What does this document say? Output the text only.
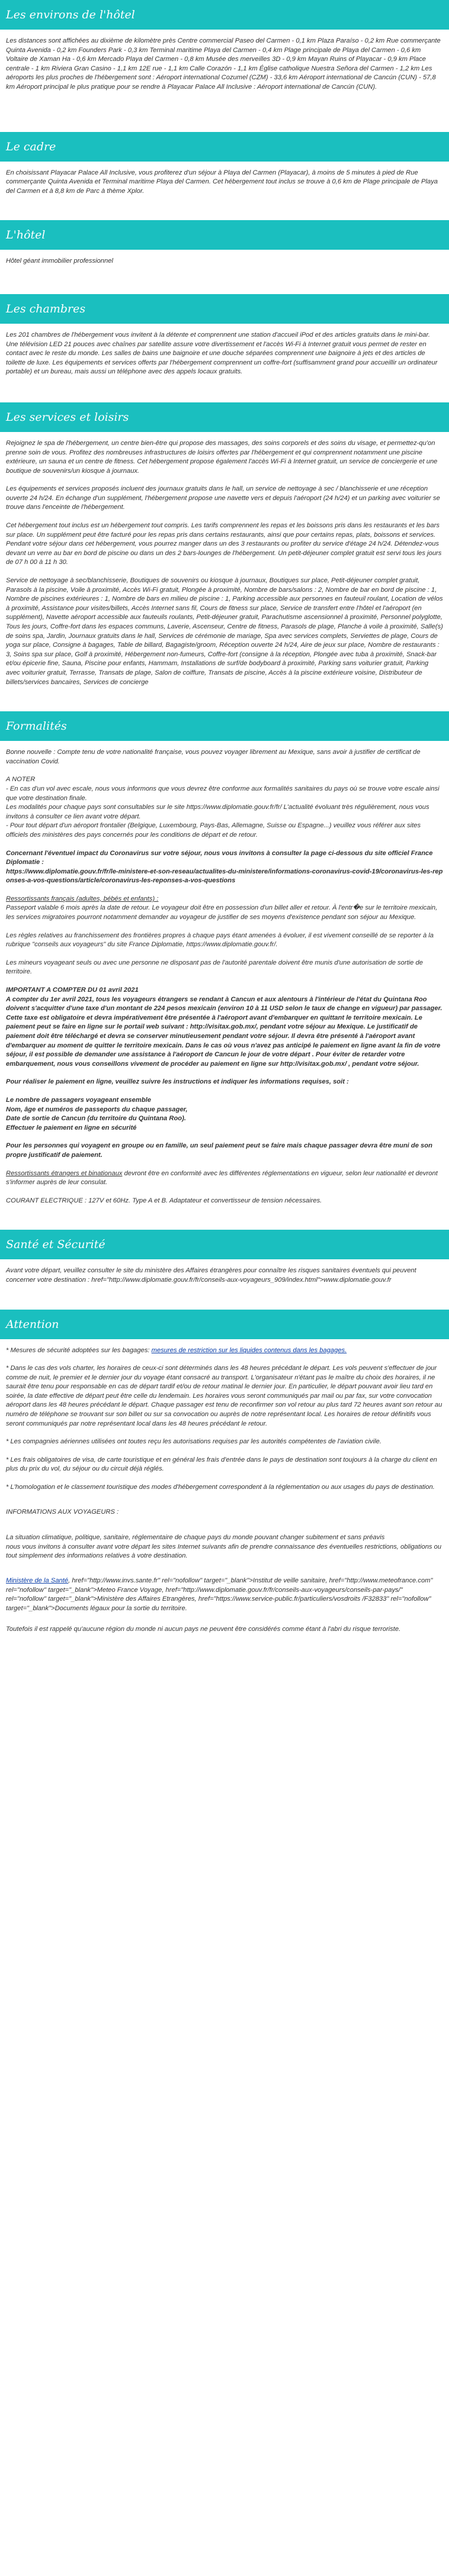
Les environs de l'hôtel

Les distances sont affichées au dixième de kilomètre près Centre commercial Paseo del Carmen - 0,1 km Plaza Paraíso - 0,2 km Rue commerçante Quinta Avenida - 0,2 km Founders Park - 0,3 km Terminal maritime Playa del Carmen - 0,4 km Plage principale de Playa del Carmen - 0,6 km Voltaire de Xaman Ha - 0,6 km Mercado Playa del Carmen - 0,8 km Musée des merveilles 3D - 0,9 km Mayan Ruins of Playacar - 0,9 km Place centrale - 1 km Riviera Gran Casino - 1,1 km 12E rue - 1,1 km Calle Corazón - 1,1 km Église catholique Nuestra Señora del Carmen - 1,2 km Les aéroports les plus proches de l'hébergement sont : Aéroport international Cozumel (CZM) - 33,6 km Aéroport international de Cancún (CUN) - 57,8 km Aéroport principal le plus pratique pour se rendre à Playacar Palace All Inclusive : Aéroport international de Cancún (CUN).

Le cadre

En choisissant Playacar Palace All Inclusive, vous profiterez d'un séjour à Playa del Carmen (Playacar), à moins de 5 minutes à pied de Rue commerçante Quinta Avenida et Terminal maritime Playa del Carmen. Cet hébergement tout inclus se trouve à 0,6 km de Plage principale de Playa del Carmen et à 8,8 km de Parc à thème Xplor.

L'hôtel

Hôtel géant immobilier professionnel

Les chambres

Les 201 chambres de l'hébergement vous invitent à la détente et comprennent une station d'accueil iPod et des articles gratuits dans le mini-bar. Une télévision LED 21 pouces avec chaînes par satellite assure votre divertissement et l'accès Wi-Fi à Internet gratuit vous permet de rester en contact avec le reste du monde. Les salles de bains une baignoire et une douche séparées comprennent une baignoire à jets et des articles de toilette de luxe. Les équipements et services offerts par l'hébergement comprennent un coffre-fort (suffisamment grand pour accueillir un ordinateur portable) et un bureau, mais aussi un téléphone avec des appels locaux gratuits.

Les services et loisirs

Rejoignez le spa de l'hébergement, un centre bien-être qui propose des massages, des soins corporels et des soins du visage, et permettez-qu'on prenne soin de vous. Profitez des nombreuses infrastructures de loisirs offertes par l'hébergement et qui comprennent notamment une piscine extérieure, un sauna et un centre de fitness. Cet hébergement propose également l'accès Wi-Fi à Internet gratuit, un service de conciergerie et une boutique de souvenirs/un kiosque à journaux.

Les équipements et services proposés incluent des journaux gratuits dans le hall, un service de nettoyage à sec / blanchisserie et une réception ouverte 24 h/24. En échange d'un supplément, l'hébergement propose une navette vers et depuis l'aéroport (24 h/24) et un parking avec voiturier se trouve dans l'enceinte de l'hébergement.

Cet hébergement tout inclus est un hébergement tout compris. Les tarifs comprennent les repas et les boissons pris dans les restaurants et les bars sur place. Un supplément peut être facturé pour les repas pris dans certains restaurants, ainsi que pour certains repas, plats, boissons et services. Pendant votre séjour dans cet hébergement, vous pourrez manger dans un des 3 restaurants ou profiter du service d'étage 24 h/24. Détendez-vous devant un verre au bar en bord de piscine ou dans un des 2 bars-lounges de l'hébergement. Un petit-déjeuner complet gratuit est servi tous les jours de 07 h 00 à 11 h 30.

Service de nettoyage à sec/blanchisserie, Boutiques de souvenirs ou kiosque à journaux, Boutiques sur place, Petit-déjeuner complet gratuit, Parasols à la piscine, Voile à proximité, Accès Wi-Fi gratuit, Plongée à proximité, Nombre de bars/salons : 2, Nombre de bar en bord de piscine : 1, Nombre de piscines extérieures : 1, Nombre de bars en milieu de piscine : 1, Parking accessible aux personnes en fauteuil roulant, Location de vélos à proximité, Assistance pour visites/billets, Accès Internet sans fil, Cours de fitness sur place, Service de transfert entre l'hôtel et l'aéroport (en supplément), Navette aéroport accessible aux fauteuils roulants, Petit-déjeuner gratuit, Parachutisme ascensionnel à proximité, Personnel polyglotte, Tous les jours, Coffre-fort dans les espaces communs, Laverie, Ascenseur, Centre de fitness, Parasols de plage, Planche à voile à proximité, Salle(s) de soins spa, Jardin, Journaux gratuits dans le hall, Services de cérémonie de mariage, Spa avec services complets, Serviettes de plage, Cours de yoga sur place, Consigne à bagages, Table de billard, Bagagiste/groom, Réception ouverte 24 h/24, Aire de jeux sur place, Nombre de restaurants : 3, Soins spa sur place, Golf à proximité, Hébergement non-fumeurs, Coffre-fort (consigne à la réception, Plongée avec tuba à proximité, Snack-bar et/ou épicerie fine, Sauna, Piscine pour enfants, Hammam, Installations de surf/de bodyboard à proximité, Parking sans voiturier gratuit, Parking avec voiturier gratuit, Terrasse, Transats de plage, Salon de coiffure, Transats de piscine, Accès à la piscine extérieure voisine, Distributeur de billets/services bancaires, Services de concierge

Formalités

Bonne nouvelle : Compte tenu de votre nationalité française, vous pouvez voyager librement au Mexique, sans avoir à justifier de certificat de vaccination Covid.

A NOTER
- En cas d'un vol avec escale, nous vous informons que vous devrez être conforme aux formalités sanitaires du pays où se trouve votre escale ainsi que votre destination finale.
Les modalités pour chaque pays sont consultables sur le site https://www.diplomatie.gouv.fr/fr/ L'actualité évoluant très régulièrement, nous vous invitons à consulter ce lien avant votre départ.
- Pour tout départ d'un aéroport frontalier (Belgique, Luxembourg, Pays-Bas, Allemagne, Suisse ou Espagne...) veuillez vous référer aux sites officiels des ministères des pays concernés pour les conditions de départ et de retour.

Concernant l'éventuel impact du Coronavirus sur votre séjour, nous vous invitons à consulter la page ci-dessous du site officiel France Diplomatie :
https://www.diplomatie.gouv.fr/fr/le-ministere-et-son-reseau/actualites-du-ministere/informations-coronavirus-covid-19/coronavirus-les-reponses-a-vos-questions/article/coronavirus-les-reponses-a-vos-questions

Ressortissants français (adultes, bébés et enfants) :
Passeport valable 6 mois après la date de retour. Le voyageur doit être en possession d'un billet aller et retour. À l'entr�e sur le territoire mexicain, les services migratoires pourront notamment demander au voyageur de justifier de ses moyens d'existence pendant son séjour au Mexique.

Les règles relatives au franchissement des frontières propres à chaque pays étant amenées à évoluer, il est vivement conseillé de se reporter à la rubrique "conseils aux voyageurs" du site France Diplomatie, https://www.diplomatie.gouv.fr/.

Les mineurs voyageant seuls ou avec une personne ne disposant pas de l'autorité parentale doivent être munis d'une autorisation de sortie de territoire.

IMPORTANT A COMPTER DU 01 avril 2021
A compter du 1er avril 2021, tous les voyageurs étrangers se rendant à Cancun et aux alentours à l'intérieur de l'état du Quintana Roo doivent s'acquitter d'une taxe d'un montant de 224 pesos mexicain (environ 10 à 11 USD selon le taux de change en vigueur) par passager. Cette taxe est obligatoire et devra impérativement être présentée à l'aéroport avant d'embarquer en quittant le territoire mexicain. Le paiement peut se faire en ligne sur le portail web suivant : http://visitax.gob.mx/, pendant votre séjour au Mexique. Le justificatif de paiement doit être téléchargé et devra se conserver minutieusement pendant votre séjour. Il devra être présenté à l'aéroport avant d'embarquer au moment de quitter le territoire mexicain. Dans le cas où vous n'avez pas anticipé le paiement en ligne avant la fin de votre séjour, il est possible de demander une assistance à l'aéroport de Cancun le jour de votre départ . Pour éviter de retarder votre embarquement, nous vous conseillons vivement de procéder au paiement en ligne sur http://visitax.gob.mx/ , pendant votre séjour.

Pour réaliser le paiement en ligne, veuillez suivre les instructions et indiquer les informations requises, soit :

Le nombre de passagers voyageant ensemble
Nom, âge et numéros de passeports du chaque passager,
Date de sortie de Cancun (du territoire du Quintana Roo).
Effectuer le paiement en ligne en sécurité

Pour les personnes qui voyagent en groupe ou en famille, un seul paiement peut se faire mais chaque passager devra être muni de son propre justificatif de paiement.

Ressortissants étrangers et binationaux devront être en conformité avec les différentes réglementations en vigueur, selon leur nationalité et devront s'informer auprès de leur consulat.

COURANT ELECTRIQUE : 127V et 60Hz. Type A et B. Adaptateur et convertisseur de tension nécessaires.

Santé et Sécurité

Avant votre départ, veuillez consulter le site du ministère des Affaires étrangères pour connaître les risques sanitaires éventuels qui peuvent concerner votre destination : href="http://www.diplomatie.gouv.fr/fr/conseils-aux-voyageurs_909/index.html">www.diplomatie.gouv.fr

Attention

* Mesures de sécurité adoptées sur les bagages: mesures de restriction sur les liquides contenus dans les bagages.

* Dans le cas des vols charter, les horaires de ceux-ci sont déterminés dans les 48 heures précédant le départ. Les vols peuvent s'effectuer de jour comme de nuit, le premier et le dernier jour du voyage étant consacré au transport. L'organisateur n'étant pas le maître du choix des horaires, il ne saurait être tenu pour responsable en cas de départ tardif et/ou de retour matinal le dernier jour. En particulier, le départ pouvant avoir lieu tard en soirée, la date effective de départ peut être celle du lendemain. Les horaires vous seront communiqués par mail ou par fax, sur votre convocation aéroport dans les 48 heures précédant le départ. Chaque passager est tenu de reconfirmer son vol retour au plus tard 72 heures avant son retour au numéro de téléphone se trouvant sur son billet ou sur sa convocation ou auprès de notre représentant local. Les horaires de retour définitifs vous seront communiqués par notre représentant local dans les 48 heures précédant le retour.

* Les compagnies aériennes utilisées ont toutes reçu les autorisations requises par les autorités compétentes de l'aviation civile.

* Les frais obligatoires de visa, de carte touristique et en général les frais d'entrée dans le pays de destination sont toujours à la charge du client en plus du prix du vol, du séjour ou du circuit déjà réglés.

* L'homologation et le classement touristique des modes d'hébergement correspondent à la réglementation ou aux usages du pays de destination.

INFORMATIONS AUX VOYAGEURS :

La situation climatique, politique, sanitaire, réglementaire de chaque pays du monde pouvant changer subitement et sans préavis
nous vous invitons à consulter avant votre départ les sites Internet suivants afin de prendre connaissance des éventuelles restrictions, obligations ou tout simplement des informations relatives à votre destination.

Ministère de la Santé, href="http://www.invs.sante.fr" rel="nofollow" target="_blank">Institut de veille sanitaire, href="http://www.meteofrance.com" rel="nofollow" target="_blank">Meteo France Voyage, href="http://www.diplomatie.gouv.fr/fr/conseils-aux-voyageurs/conseils-par-pays/" rel="nofollow" target="_blank">Ministère des Affaires Etrangères, href="https://www.service-public.fr/particuliers/vosdroits /F32833" rel="nofollow" target="_blank">Documents légaux pour la sortie du territoire.

Toutefois il est rappelé qu'aucune région du monde ni aucun pays ne peuvent être considérés comme étant à l'abri du risque terroriste.
